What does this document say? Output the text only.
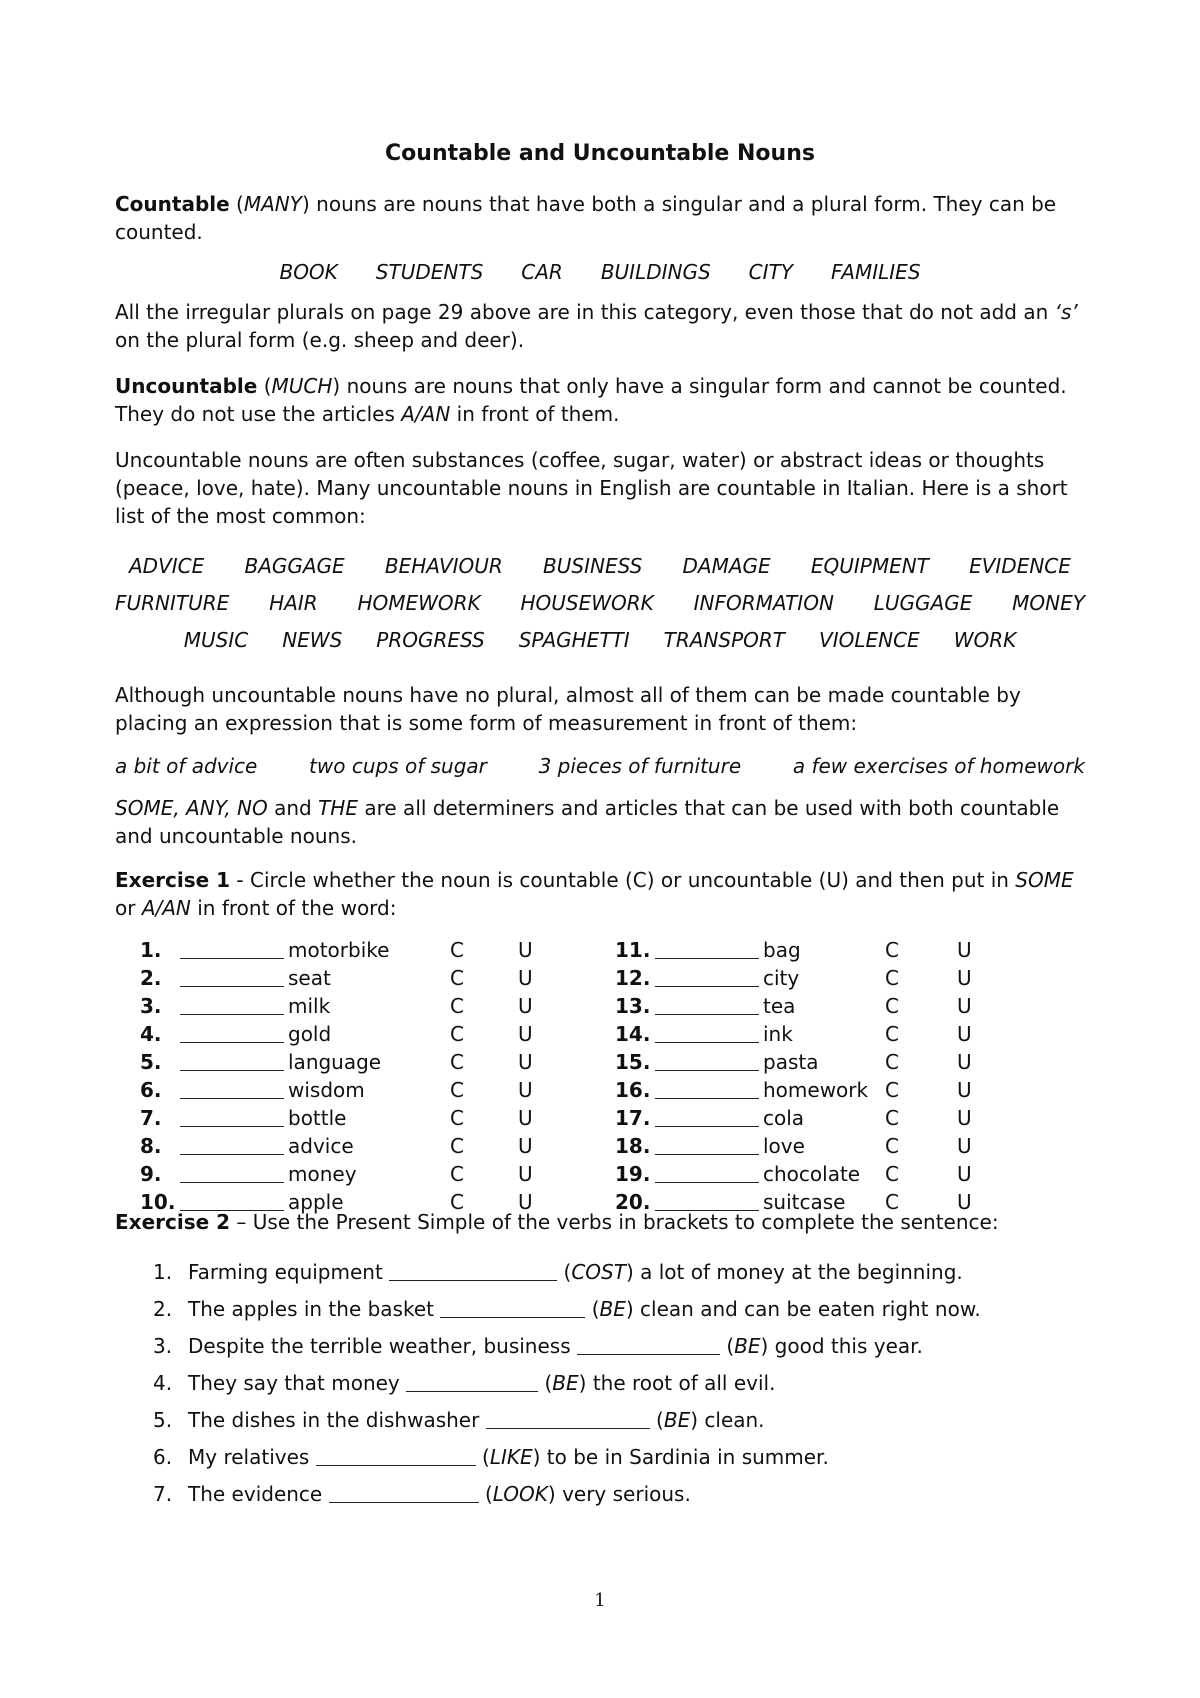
Countable and Uncountable Nouns

Countable (MANY) nouns are nouns that have both a singular and a plural form. They can be counted.

BOOK STUDENTS CAR BUILDINGS CITY FAMILIES

All the irregular plurals on page 29 above are in this category, even those that do not add an ‘s’ on the plural form (e.g. sheep and deer).

Uncountable (MUCH) nouns are nouns that only have a singular form and cannot be counted. They do not use the articles A/AN in front of them.

Uncountable nouns are often substances (coffee, sugar, water) or abstract ideas or thoughts (peace, love, hate). Many uncountable nouns in English are countable in Italian. Here is a short list of the most common:

ADVICE BAGGAGE BEHAVIOUR BUSINESS DAMAGE EQUIPMENT EVIDENCE
FURNITURE HAIR HOMEWORK HOUSEWORK INFORMATION LUGGAGE MONEY
MUSIC NEWS PROGRESS SPAGHETTI TRANSPORT VIOLENCE WORK

Although uncountable nouns have no plural, almost all of them can be made countable by placing an expression that is some form of measurement in front of them:

a bit of advice	two cups of sugar	3 pieces of furniture	a few exercises of homework

SOME, ANY, NO and THE are all determiners and articles that can be used with both countable and uncountable nouns.

Exercise 1 - Circle whether the noun is countable (C) or uncountable (U) and then put in SOME or A/AN in front of the word:

1.	motorbike	C	U
2.	seat	C	U
3.	milk	C	U
4.	gold	C	U
5.	language	C	U
6.	wisdom	C	U
7.	bottle	C	U
8.	advice	C	U
9.	money	C	U
10.	apple	C	U
11.	bag	C	U
12.	city	C	U
13.	tea	C	U
14.	ink	C	U
15.	pasta	C	U
16.	homework C	U
17.	cola	C	U
18.	love	C	U
19.	chocolate C	U
20.	suitcase C	U

Exercise 2 – Use the Present Simple of the verbs in brackets to complete the sentence:

1. Farming equipment	(COST) a lot of money at the beginning.
2. The apples in the basket	(BE) clean and can be eaten right now.
3. Despite the terrible weather, business	(BE) good this year.
4. They say that money	(BE) the root of all evil.
5. The dishes in the dishwasher	(BE) clean.
6. My relatives	(LIKE) to be in Sardinia in summer.
7. The evidence	(LOOK) very serious.
1
